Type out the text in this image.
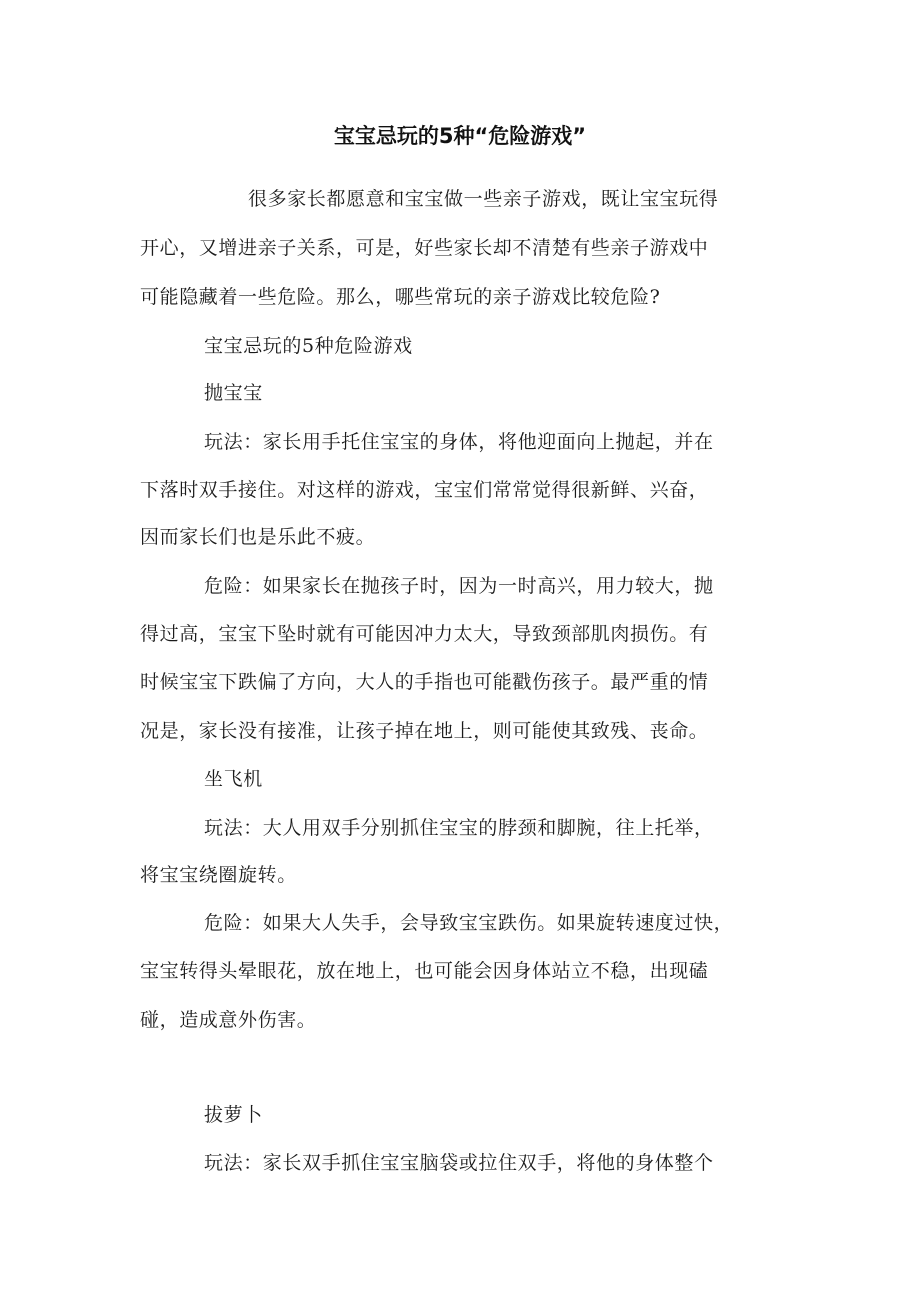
宝宝忌玩的5种“危险游戏”
很多家长都愿意和宝宝做一些亲子游戏，既让宝宝玩得
开心，又增进亲子关系，可是，好些家长却不清楚有些亲子游戏中
可能隐藏着一些危险。那么，哪些常玩的亲子游戏比较危险?
宝宝忌玩的5种危险游戏
抛宝宝
玩法：家长用手托住宝宝的身体，将他迎面向上抛起，并在
下落时双手接住。对这样的游戏，宝宝们常常觉得很新鲜、兴奋，
因而家长们也是乐此不疲。
危险：如果家长在抛孩子时，因为一时高兴，用力较大，抛
得过高，宝宝下坠时就有可能因冲力太大，导致颈部肌肉损伤。有
时候宝宝下跌偏了方向，大人的手指也可能戳伤孩子。最严重的情
况是，家长没有接准，让孩子掉在地上，则可能使其致残、丧命。
坐飞机
玩法：大人用双手分别抓住宝宝的脖颈和脚腕，往上托举，
将宝宝绕圈旋转。
危险：如果大人失手，会导致宝宝跌伤。如果旋转速度过快，
宝宝转得头晕眼花，放在地上，也可能会因身体站立不稳，出现磕
碰，造成意外伤害。
拔萝卜
玩法：家长双手抓住宝宝脑袋或拉住双手，将他的身体整个
